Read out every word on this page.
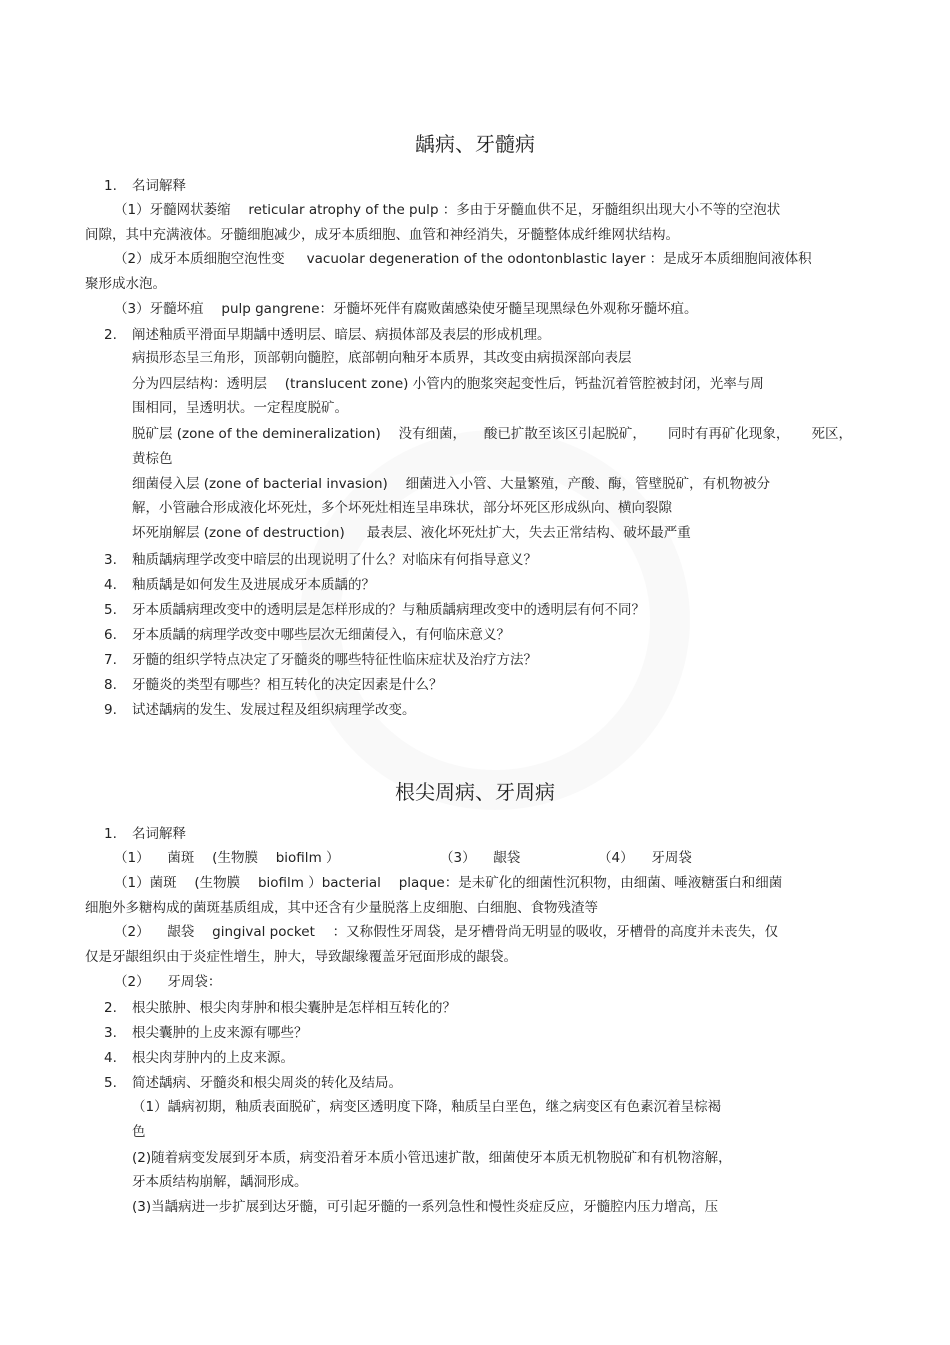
龋病、牙髓病
1. 名词解释
（1）牙髓网状萎缩 　reticular atrophy of the pulp ：多由于牙髓血供不足，牙髓组织出现大小不等的空泡状
间隙，其中充满液体。牙髓细胞减少，成牙本质细胞、血管和神经消失，牙髓整体成纤维网状结构。
（2）成牙本质细胞空泡性变 　 vacuolar degeneration of the odontonblastic layer ：是成牙本质细胞间液体积
聚形成水泡。
（3）牙髓坏疽 　pulp gangrene：牙髓坏死伴有腐败菌感染使牙髓呈现黑绿色外观称牙髓坏疽。
2. 阐述釉质平滑面早期龋中透明层、暗层、病损体部及表层的形成机理。
病损形态呈三角形，顶部朝向髓腔，底部朝向釉牙本质界，其改变由病损深部向表层
分为四层结构：透明层 　(translucent zone) 小管内的胞浆突起变性后，钙盐沉着管腔被封闭，光率与周
围相同，呈透明状。一定程度脱矿。
脱矿层 (zone of the demineralization) 　没有细菌， 　酸已扩散至该区引起脱矿， 　 同时有再矿化现象， 　 死区，
黄棕色
细菌侵入层 (zone of bacterial invasion) 　细菌进入小管、大量繁殖，产酸、酶，管壁脱矿，有机物被分
解，小管融合形成液化坏死灶，多个坏死灶相连呈串珠状，部分坏死区形成纵向、横向裂隙
坏死崩解层 (zone of destruction) 　 最表层、液化坏死灶扩大，失去正常结构、破坏最严重
3. 釉质龋病理学改变中暗层的出现说明了什么？对临床有何指导意义？
4. 釉质龋是如何发生及进展成牙本质龋的？
5. 牙本质龋病理改变中的透明层是怎样形成的？与釉质龋病理改变中的透明层有何不同？
6. 牙本质龋的病理学改变中哪些层次无细菌侵入，有何临床意义？
7. 牙髓的组织学特点决定了牙髓炎的哪些特征性临床症状及治疗方法？
8. 牙髓炎的类型有哪些？相互转化的决定因素是什么？
9. 试述龋病的发生、发展过程及组织病理学改变。
根尖周病、牙周病
1. 名词解释
（1） 　菌斑 　(生物膜 　biofilm ）	（3） 　龈袋	（4） 　牙周袋
（1）菌斑 　(生物膜 　biofilm ）bacterial 　plaque：是未矿化的细菌性沉积物，由细菌、唾液糖蛋白和细菌
细胞外多糖构成的菌斑基质组成，其中还含有少量脱落上皮细胞、白细胞、食物残渣等
（2） 　龈袋 　gingival pocket 　：又称假性牙周袋，是牙槽骨尚无明显的吸收，牙槽骨的高度并未丧失，仅
仅是牙龈组织由于炎症性增生，肿大，导致龈缘覆盖牙冠面形成的龈袋。
（2） 　牙周袋：
2. 根尖脓肿、根尖肉芽肿和根尖囊肿是怎样相互转化的？
3. 根尖囊肿的上皮来源有哪些？
4. 根尖肉芽肿内的上皮来源。
5. 简述龋病、牙髓炎和根尖周炎的转化及结局。
（1）龋病初期，釉质表面脱矿，病变区透明度下降，釉质呈白垩色，继之病变区有色素沉着呈棕褐
色
(2)随着病变发展到牙本质，病变沿着牙本质小管迅速扩散，细菌使牙本质无机物脱矿和有机物溶解，
牙本质结构崩解，龋洞形成。
(3)当龋病进一步扩展到达牙髓，可引起牙髓的一系列急性和慢性炎症反应，牙髓腔内压力增高，压
